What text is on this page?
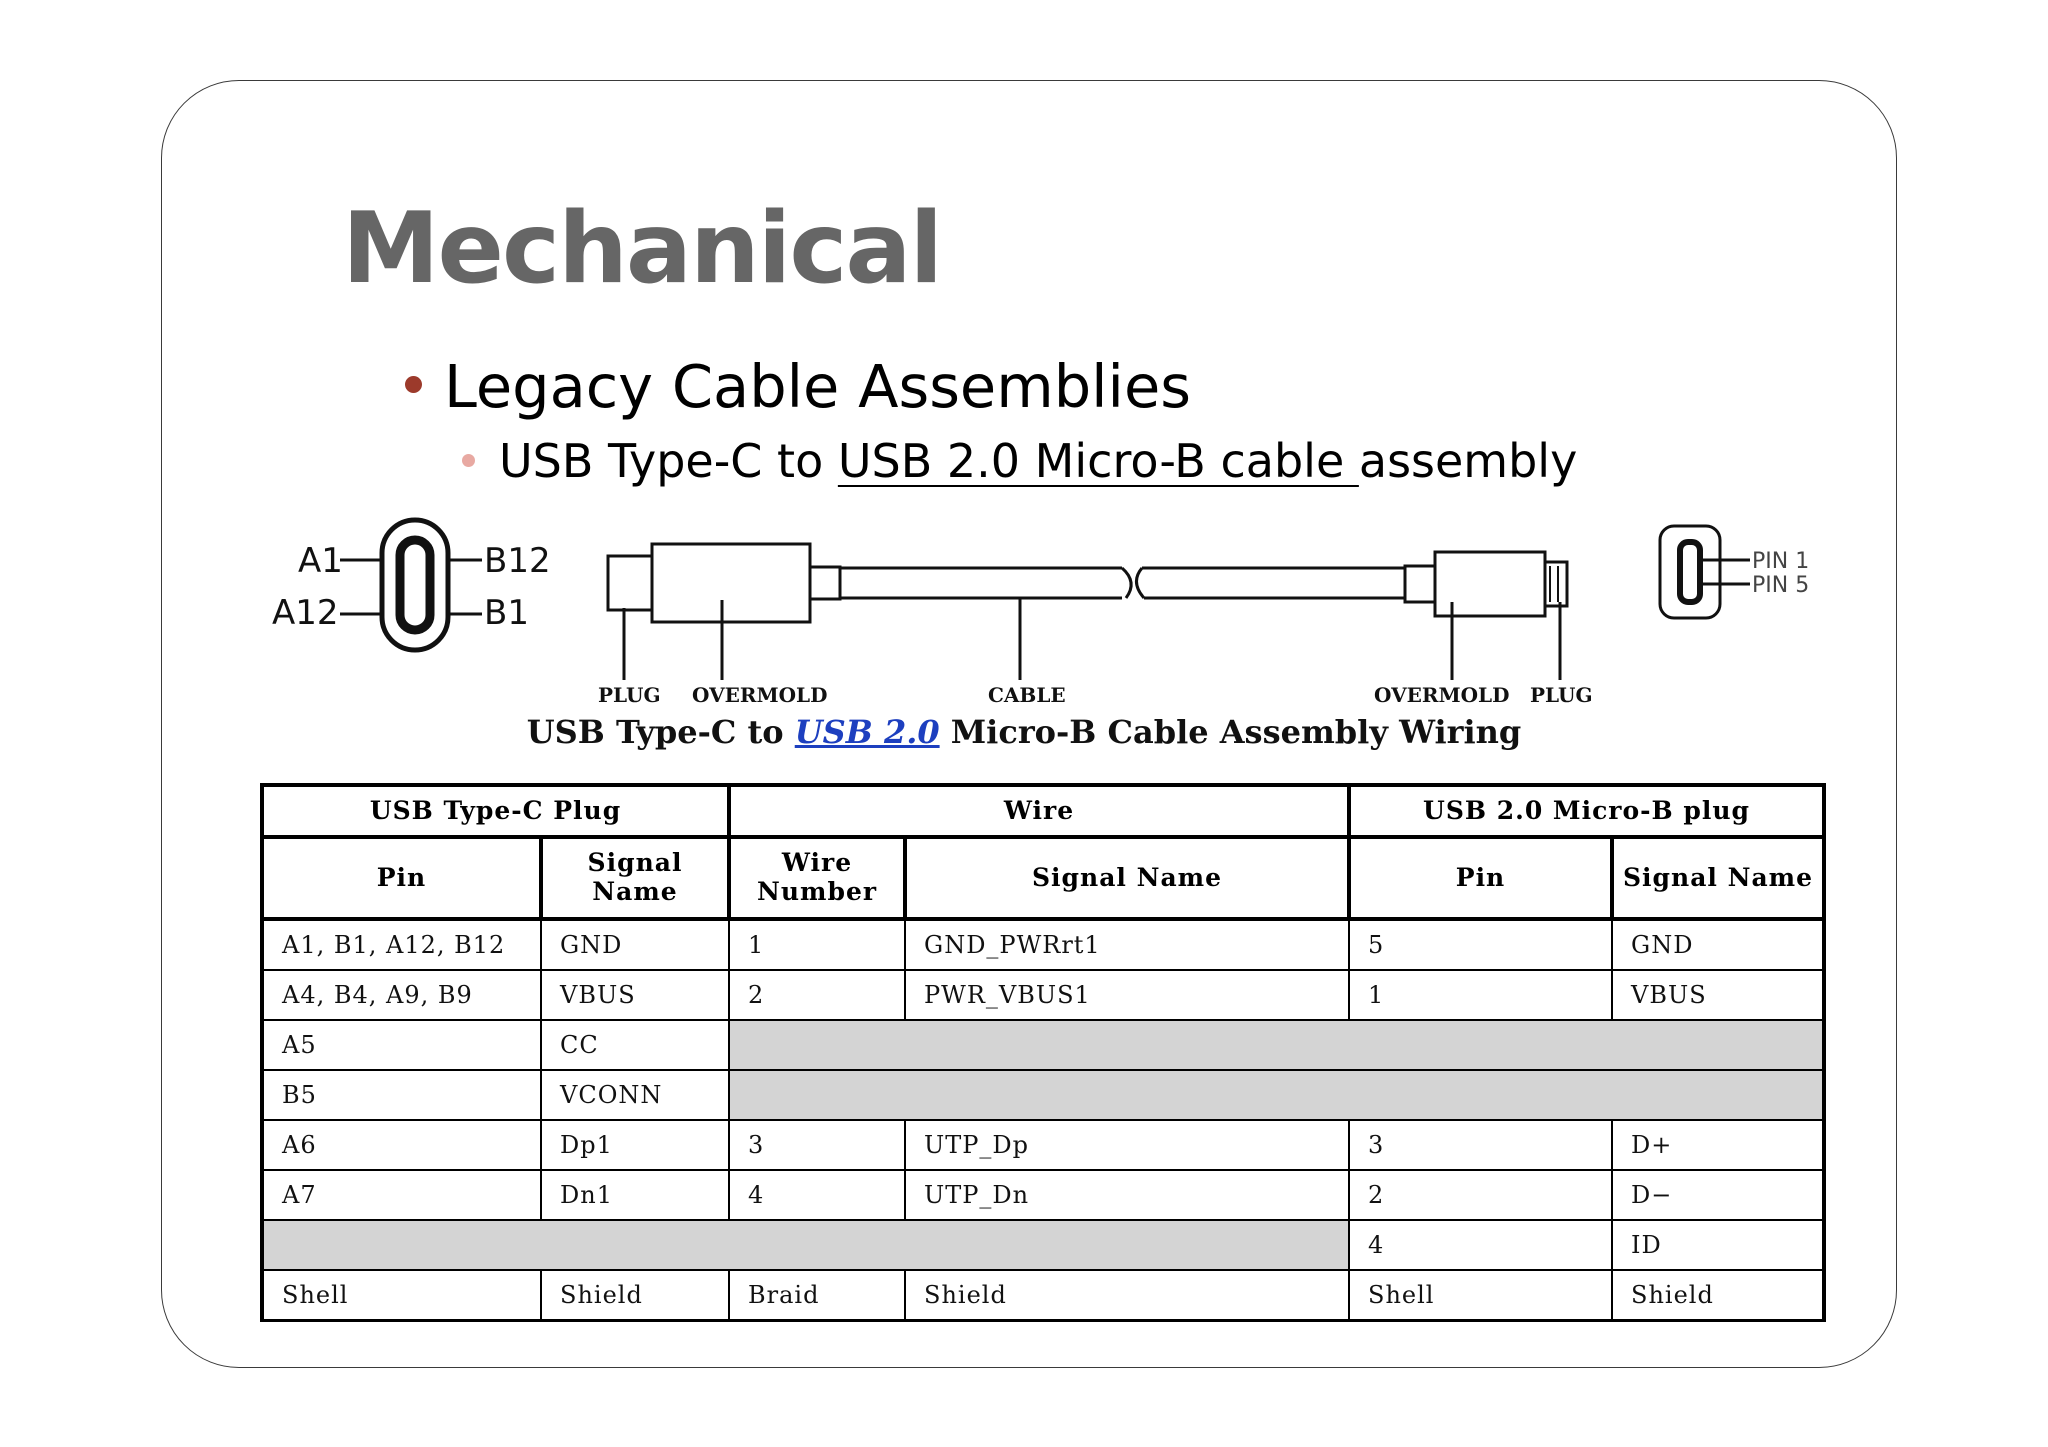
Mechanical
Legacy Cable Assemblies
USB Type-C to USB 2.0 Micro-B cable assembly
A1
A12
B12
B1
PLUG OVERMOLD	CABLE	OVERMOLD PLUG
PIN 1
PIN 5
USB Type-C to USB 2.0 Micro-B Cable Assembly Wiring
USB Type-C Plug		Wire		USB 2.0 Micro-B plug	
Pin	Signal Name	Wire Number	Signal Name	Pin	Signal Name
A1, B1, A12, B12	GND	1	GND_PWRrt1	5	GND
A4, B4, A9, B9	VBUS	2	PWR_VBUS1	1	VBUS
A5	CC				
B5	VCONN				
A6	Dp1	3	UTP_Dp	3	D+
A7	Dn1	4	UTP_Dn	2	D−
				4	ID
Shell	Shield	Braid	Shield	Shell	Shield
